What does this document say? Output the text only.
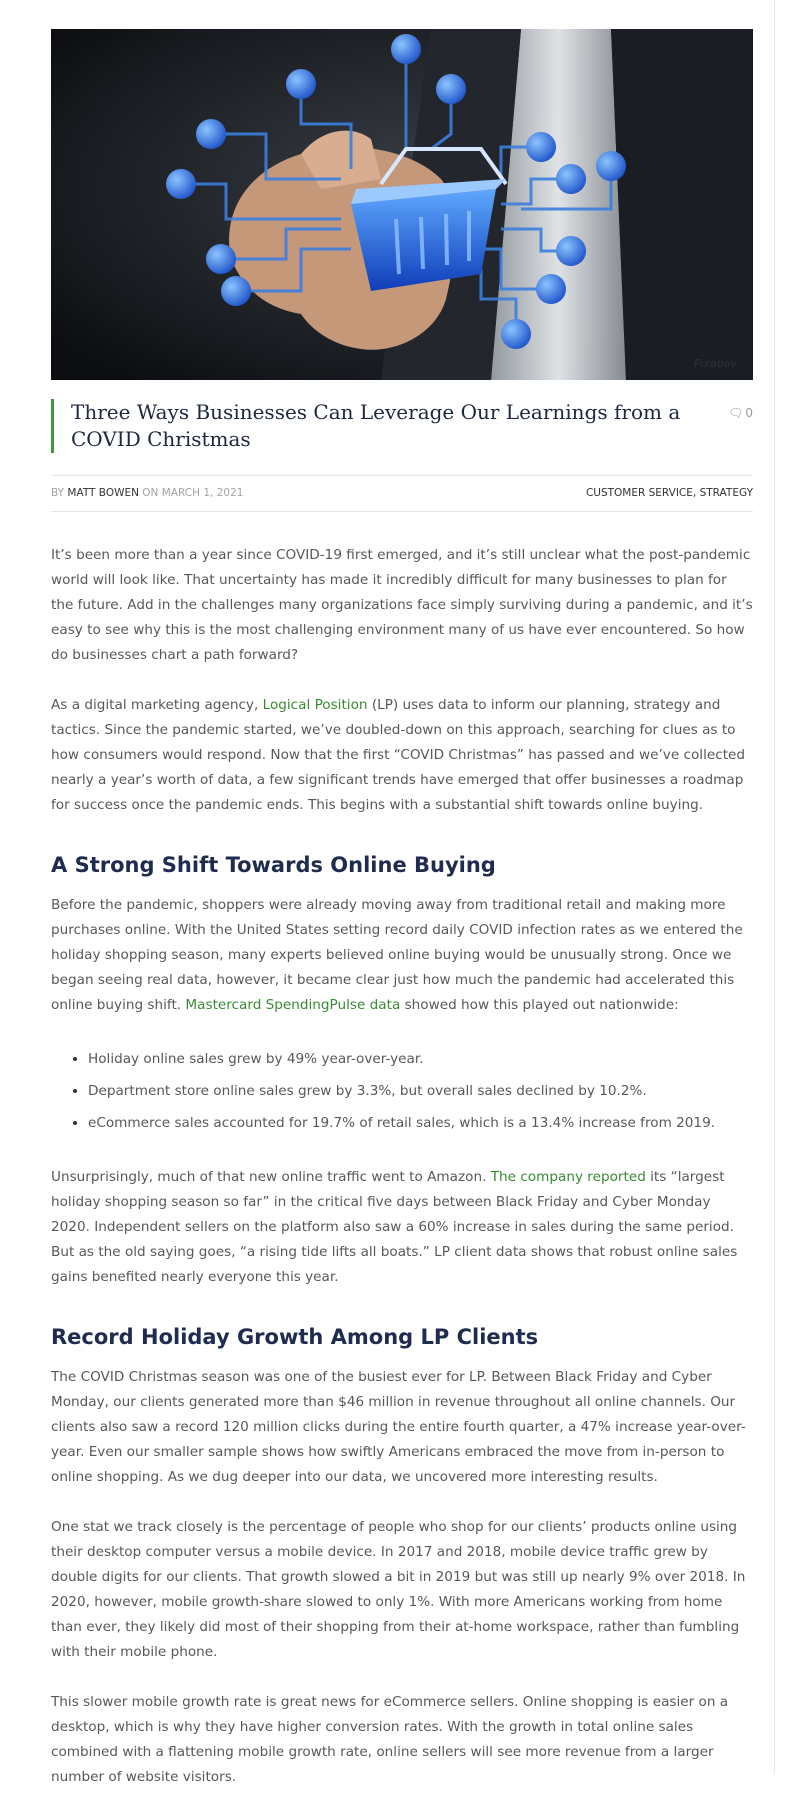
Pixabay
Three Ways Businesses Can Leverage Our Learnings from a COVID Christmas
🗨 0
BY MATT BOWEN ON MARCH 1, 2021	CUSTOMER SERVICE, STRATEGY

It’s been more than a year since COVID-19 first emerged, and it’s still unclear what the post-pandemic world will look like. That uncertainty has made it incredibly difficult for many businesses to plan for the future. Add in the challenges many organizations face simply surviving during a pandemic, and it’s easy to see why this is the most challenging environment many of us have ever encountered. So how do businesses chart a path forward?

As a digital marketing agency, Logical Position (LP) uses data to inform our planning, strategy and tactics. Since the pandemic started, we’ve doubled-down on this approach, searching for clues as to how consumers would respond. Now that the first “COVID Christmas” has passed and we’ve collected nearly a year’s worth of data, a few significant trends have emerged that offer businesses a roadmap for success once the pandemic ends. This begins with a substantial shift towards online buying.

A Strong Shift Towards Online Buying

Before the pandemic, shoppers were already moving away from traditional retail and making more purchases online. With the United States setting record daily COVID infection rates as we entered the holiday shopping season, many experts believed online buying would be unusually strong. Once we began seeing real data, however, it became clear just how much the pandemic had accelerated this online buying shift. Mastercard SpendingPulse data showed how this played out nationwide:

• Holiday online sales grew by 49% year-over-year.
• Department store online sales grew by 3.3%, but overall sales declined by 10.2%.
• eCommerce sales accounted for 19.7% of retail sales, which is a 13.4% increase from 2019.

Unsurprisingly, much of that new online traffic went to Amazon. The company reported its “largest holiday shopping season so far” in the critical five days between Black Friday and Cyber Monday 2020. Independent sellers on the platform also saw a 60% increase in sales during the same period. But as the old saying goes, “a rising tide lifts all boats.” LP client data shows that robust online sales gains benefited nearly everyone this year.

Record Holiday Growth Among LP Clients

The COVID Christmas season was one of the busiest ever for LP. Between Black Friday and Cyber Monday, our clients generated more than $46 million in revenue throughout all online channels. Our clients also saw a record 120 million clicks during the entire fourth quarter, a 47% increase year-over-year. Even our smaller sample shows how swiftly Americans embraced the move from in-person to online shopping. As we dug deeper into our data, we uncovered more interesting results.

One stat we track closely is the percentage of people who shop for our clients’ products online using their desktop computer versus a mobile device. In 2017 and 2018, mobile device traffic grew by double digits for our clients. That growth slowed a bit in 2019 but was still up nearly 9% over 2018. In 2020, however, mobile growth-share slowed to only 1%. With more Americans working from home than ever, they likely did most of their shopping from their at-home workspace, rather than fumbling with their mobile phone.

This slower mobile growth rate is great news for eCommerce sellers. Online shopping is easier on a desktop, which is why they have higher conversion rates. With the growth in total online sales combined with a flattening mobile growth rate, online sellers will see more revenue from a larger number of website visitors.
